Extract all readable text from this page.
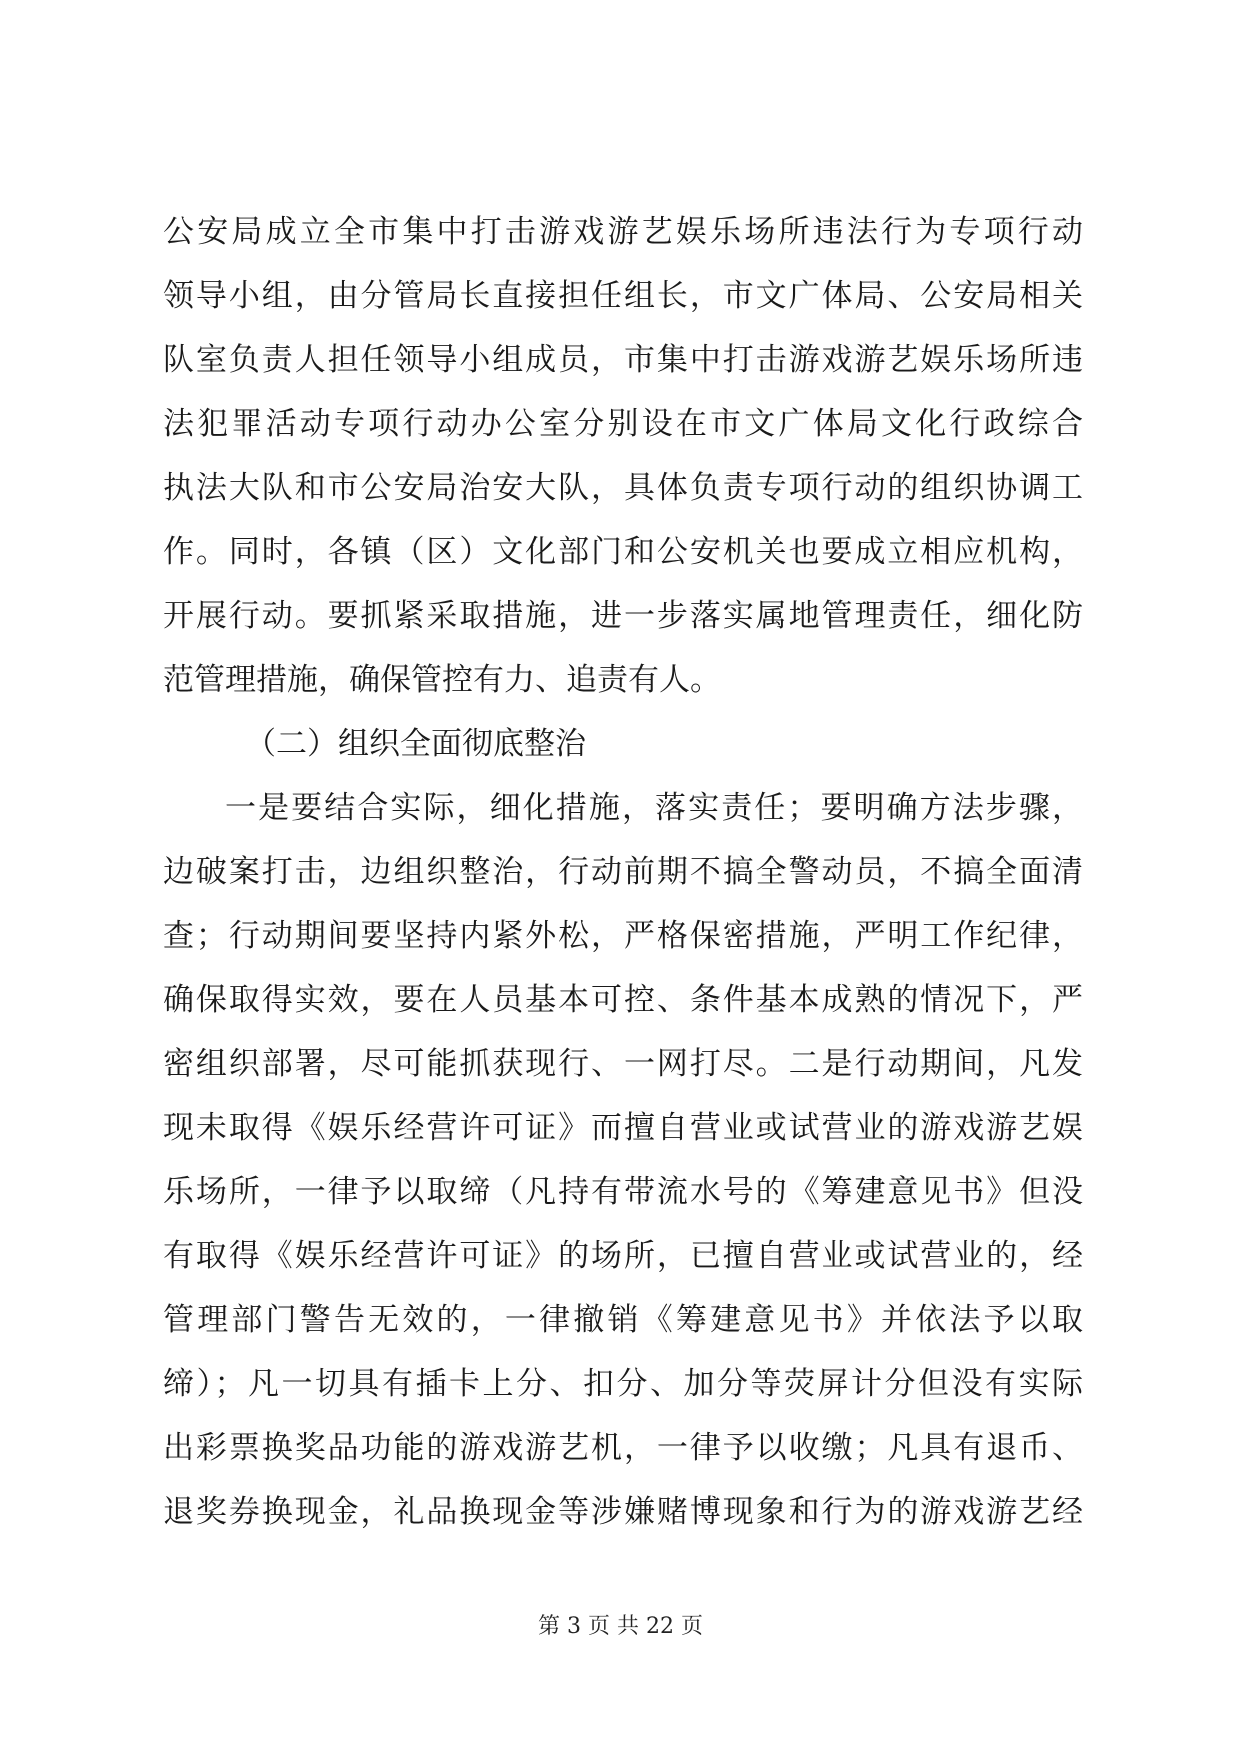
公安局成立全市集中打击游戏游艺娱乐场所违法行为专项行动
领导小组，由分管局长直接担任组长，市文广体局、公安局相关
队室负责人担任领导小组成员，市集中打击游戏游艺娱乐场所违
法犯罪活动专项行动办公室分别设在市文广体局文化行政综合
执法大队和市公安局治安大队，具体负责专项行动的组织协调工
作。同时，各镇（区）文化部门和公安机关也要成立相应机构，
开展行动。要抓紧采取措施，进一步落实属地管理责任，细化防
范管理措施，确保管控有力、追责有人。
（二）组织全面彻底整治
一是要结合实际，细化措施，落实责任；要明确方法步骤，
边破案打击，边组织整治，行动前期不搞全警动员，不搞全面清
查；行动期间要坚持内紧外松，严格保密措施，严明工作纪律，
确保取得实效，要在人员基本可控、条件基本成熟的情况下，严
密组织部署，尽可能抓获现行、一网打尽。二是行动期间，凡发
现未取得《娱乐经营许可证》而擅自营业或试营业的游戏游艺娱
乐场所，一律予以取缔（凡持有带流水号的《筹建意见书》但没
有取得《娱乐经营许可证》的场所，已擅自营业或试营业的，经
管理部门警告无效的，一律撤销《筹建意见书》并依法予以取
缔）；凡一切具有插卡上分、扣分、加分等荧屏计分但没有实际
出彩票换奖品功能的游戏游艺机，一律予以收缴；凡具有退币、
退奖券换现金，礼品换现金等涉嫌赌博现象和行为的游戏游艺经
第 3 页 共 22 页
